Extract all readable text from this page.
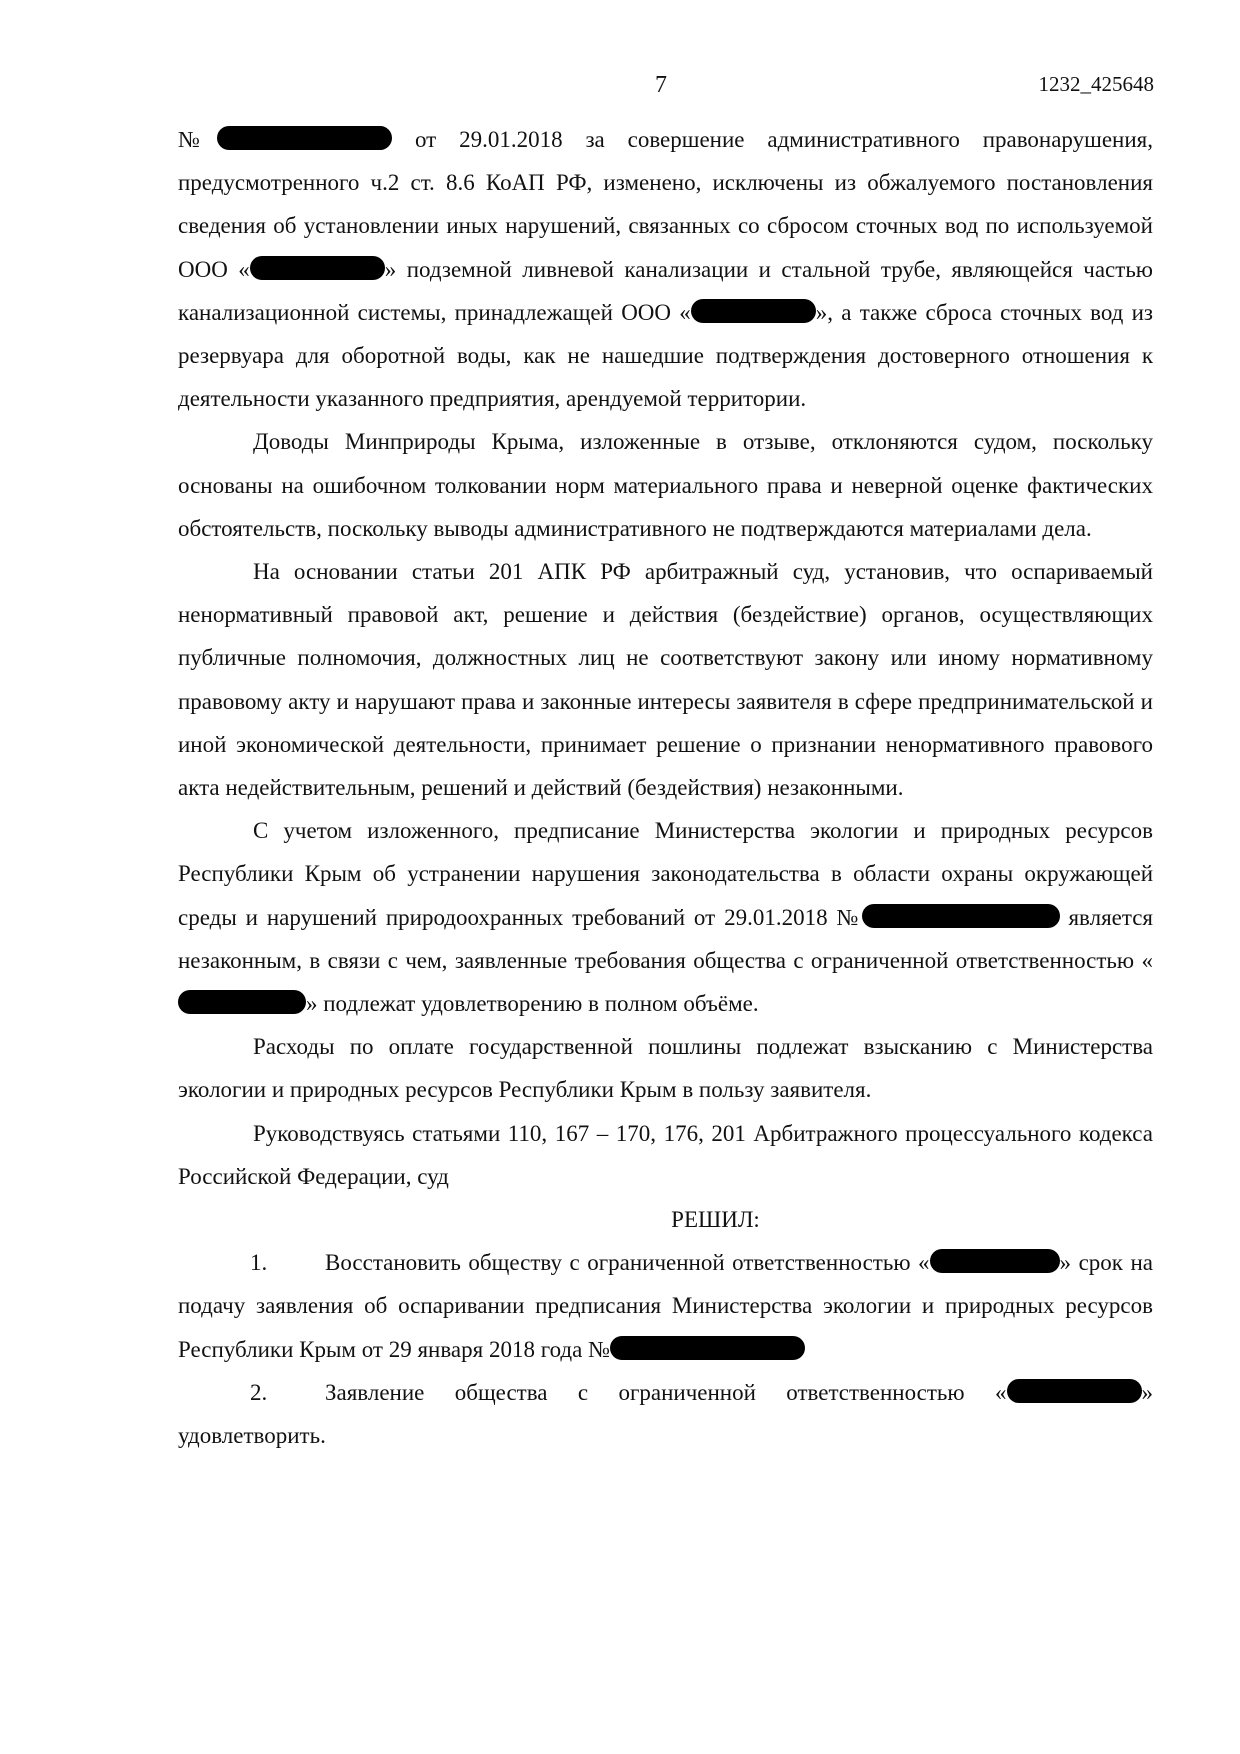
7	1232_425648

№	от 29.01.2018 за совершение административного правонарушения, предусмотренного ч.2 ст. 8.6 КоАП РФ, изменено, исключены из обжалуемого постановления сведения об установлении иных нарушений, связанных со сбросом сточных вод по используемой ООО «	» подземной ливневой канализации и стальной трубе, являющейся частью канализационной системы, принадлежащей ООО «	», а также сброса сточных вод из резервуара для оборотной воды, как не нашедшие подтверждения достоверного отношения к деятельности указанного предприятия, арендуемой территории.

Доводы Минприроды Крыма, изложенные в отзыве, отклоняются судом, поскольку основаны на ошибочном толковании норм материального права и неверной оценке фактических обстоятельств, поскольку выводы административного не подтверждаются материалами дела.

На основании статьи 201 АПК РФ арбитражный суд, установив, что оспариваемый ненормативный правовой акт, решение и действия (бездействие) органов, осуществляющих публичные полномочия, должностных лиц не соответствуют закону или иному нормативному правовому акту и нарушают права и законные интересы заявителя в сфере предпринимательской и иной экономической деятельности, принимает решение о признании ненормативного правового акта недействительным, решений и действий (бездействия) незаконными.

С учетом изложенного, предписание Министерства экологии и природных ресурсов Республики Крым об устранении нарушения законодательства в области охраны окружающей среды и нарушений природоохранных требований от 29.01.2018 №	является незаконным, в связи с чем, заявленные требования общества с ограниченной ответственностью «» подлежат удовлетворению в полном объёме.

Расходы по оплате государственной пошлины подлежат взысканию с Министерства экологии и природных ресурсов Республики Крым в пользу заявителя.

Руководствуясь статьями 110, 167 – 170, 176, 201 Арбитражного процессуального кодекса Российской Федерации, суд

РЕШИЛ:

1.	Восстановить обществу с ограниченной ответственностью «	» срок на подачу заявления об оспаривании предписания Министерства экологии и природных ресурсов Республики Крым от 29 января 2018 года №

2.	Заявление общества с ограниченной ответственностью «	» удовлетворить.
